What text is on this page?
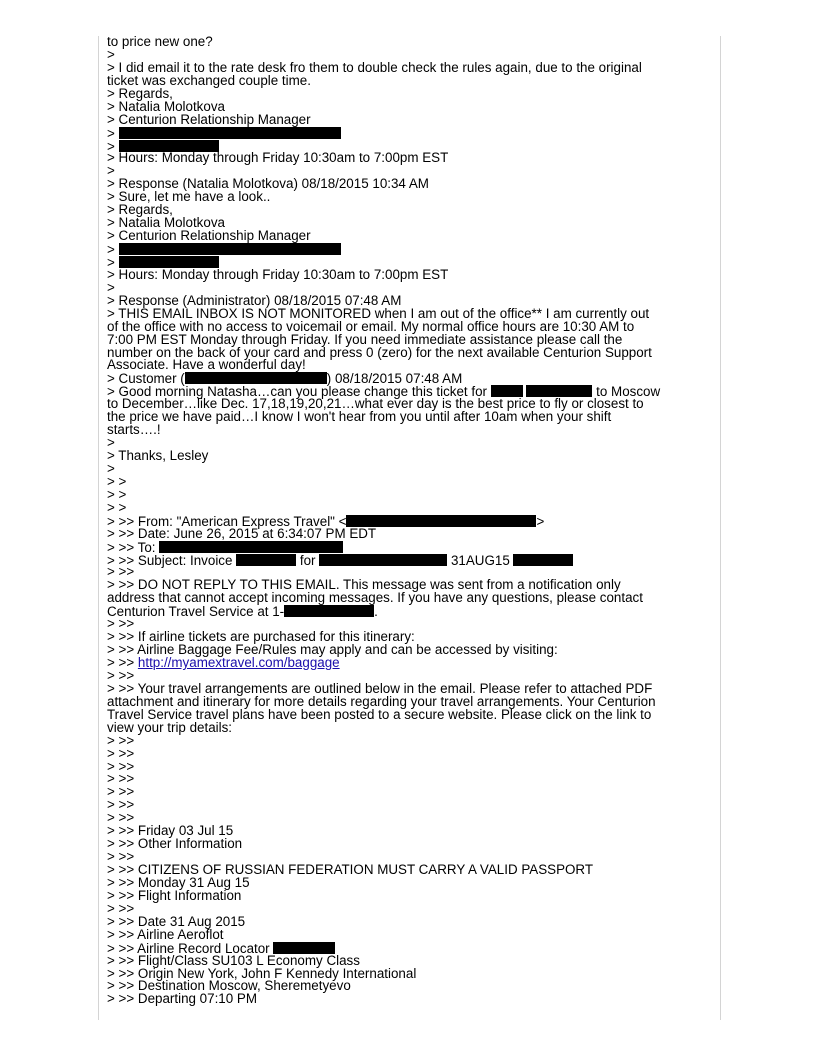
to price new one?
>
> I did email it to the rate desk fro them to double check the rules again, due to the original
ticket was exchanged couple time.
> Regards,
> Natalia Molotkova
> Centurion Relationship Manager
>
>
> Hours: Monday through Friday 10:30am to 7:00pm EST
>
> Response (Natalia Molotkova) 08/18/2015 10:34 AM
> Sure, let me have a look..
> Regards,
> Natalia Molotkova
> Centurion Relationship Manager
>
>
> Hours: Monday through Friday 10:30am to 7:00pm EST
>
> Response (Administrator) 08/18/2015 07:48 AM
> THIS EMAIL INBOX IS NOT MONITORED when I am out of the office** I am currently out
of the office with no access to voicemail or email. My normal office hours are 10:30 AM to
7:00 PM EST Monday through Friday. If you need immediate assistance please call the
number on the back of your card and press 0 (zero) for the next available Centurion Support
Associate. Have a wonderful day!
> Customer (	) 08/18/2015 07:48 AM
> Good morning Natasha…can you please change this ticket for	to Moscow
to December…like Dec. 17,18,19,20,21…what ever day is the best price to fly or closest to
the price we have paid…I know I won't hear from you until after 10am when your shift
starts….!
>
> Thanks, Lesley
>
> >
> >
> >
> >> From: "American Express Travel" <	>
> >> Date: June 26, 2015 at 6:34:07 PM EDT
> >> To:
> >> Subject: Invoice	for	31AUG15
> >>
> >> DO NOT REPLY TO THIS EMAIL. This message was sent from a notification only
address that cannot accept incoming messages. If you have any questions, please contact
Centurion Travel Service at 1-	.
> >>
> >> If airline tickets are purchased for this itinerary:
> >> Airline Baggage Fee/Rules may apply and can be accessed by visiting:
> >> http://myamextravel.com/baggage
> >>
> >> Your travel arrangements are outlined below in the email. Please refer to attached PDF
attachment and itinerary for more details regarding your travel arrangements. Your Centurion
Travel Service travel plans have been posted to a secure website. Please click on the link to
view your trip details:
> >>
> >>
> >>
> >>
> >>
> >>
> >>
> >> Friday 03 Jul 15
> >> Other Information
> >>
> >> CITIZENS OF RUSSIAN FEDERATION MUST CARRY A VALID PASSPORT
> >> Monday 31 Aug 15
> >> Flight Information
> >>
> >> Date 31 Aug 2015
> >> Airline Aeroflot
> >> Airline Record Locator
> >> Flight/Class SU103 L Economy Class
> >> Origin New York, John F Kennedy International
> >> Destination Moscow, Sheremetyevo
> >> Departing 07:10 PM
